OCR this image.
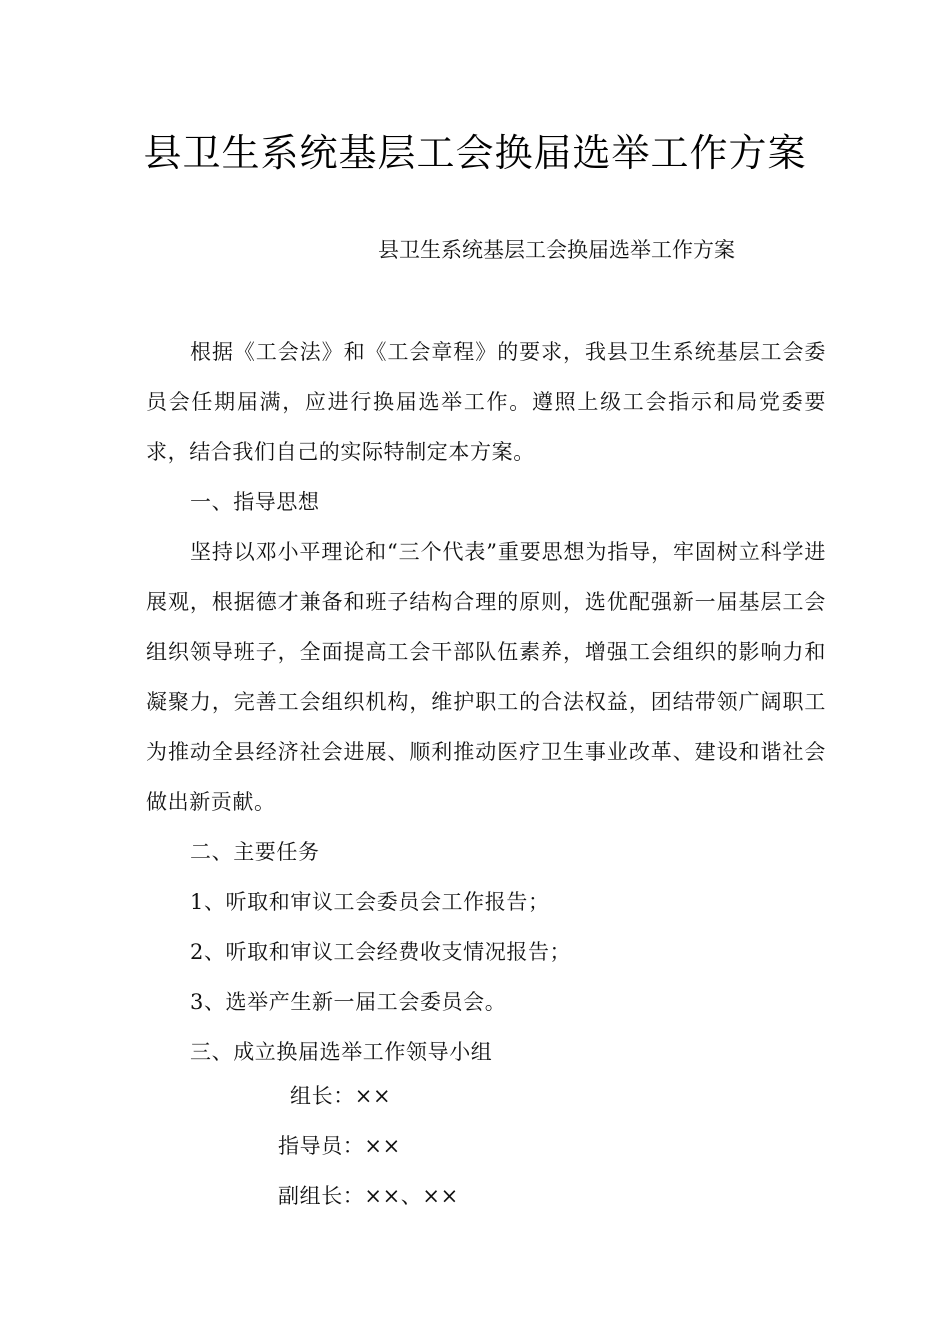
县卫生系统基层工会换届选举工作方案
县卫生系统基层工会换届选举工作方案

根据《工会法》和《工会章程》的要求，我县卫生系统基层工会委员会任期届满，应进行换届选举工作。遵照上级工会指示和局党委要求，结合我们自己的实际特制定本方案。

一、指导思想

坚持以邓小平理论和“三个代表”重要思想为指导，牢固树立科学进展观，根据德才兼备和班子结构合理的原则，选优配强新一届基层工会组织领导班子，全面提高工会干部队伍素养，增强工会组织的影响力和凝聚力，完善工会组织机构，维护职工的合法权益，团结带领广阔职工为推动全县经济社会进展、顺利推动医疗卫生事业改革、建设和谐社会做出新贡献。

二、主要任务

1、听取和审议工会委员会工作报告；

2、听取和审议工会经费收支情况报告；

3、选举产生新一届工会委员会。

三、成立换届选举工作领导小组

组长：××
指导员：××
副组长：××、××
